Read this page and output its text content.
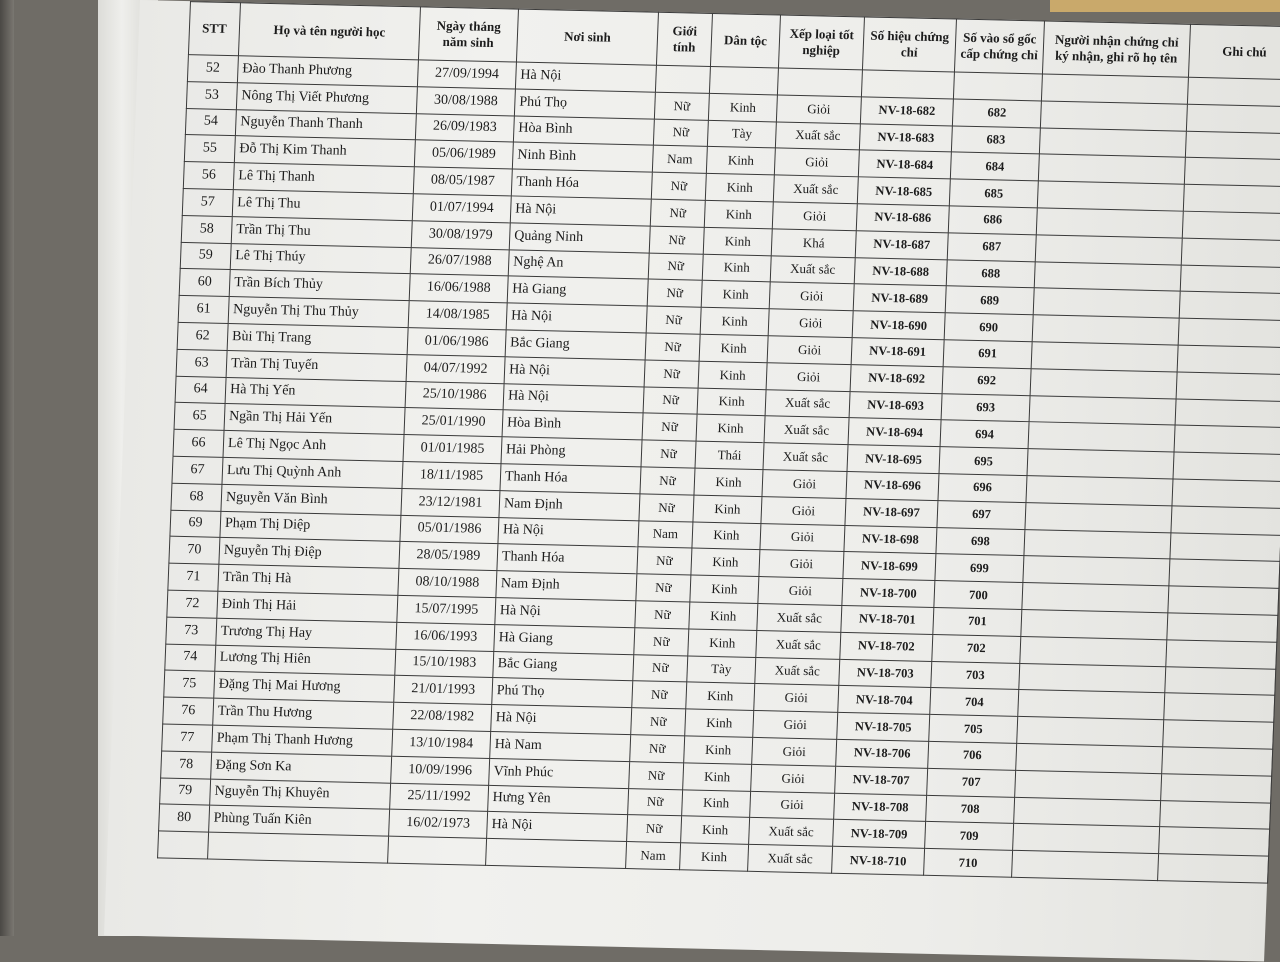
STT	Họ và tên người học	Ngày tháng năm sinh	Nơi sinh	Giới tính	Dân tộc	Xếp loại tốt nghiệp	Số hiệu chứng chỉ	Số vào sổ gốc cấp chứng chỉ	Người nhận chứng chỉ ký nhận, ghi rõ họ tên	Ghi chú
52	Đào Thanh Phương	27/09/1994	Hà Nội							
53	Nông Thị Viết Phương	30/08/1988	Phú Thọ	Nữ	Kinh	Giỏi	NV-18-682	682		
54	Nguyễn Thanh Thanh	26/09/1983	Hòa Bình	Nữ	Tày	Xuất sắc	NV-18-683	683		
55	Đỗ Thị Kim Thanh	05/06/1989	Ninh Bình	Nam	Kinh	Giỏi	NV-18-684	684		
56	Lê Thị Thanh	08/05/1987	Thanh Hóa	Nữ	Kinh	Xuất sắc	NV-18-685	685		
57	Lê Thị Thu	01/07/1994	Hà Nội	Nữ	Kinh	Giỏi	NV-18-686	686		
58	Trần Thị Thu	30/08/1979	Quảng Ninh	Nữ	Kinh	Khá	NV-18-687	687		
59	Lê Thị Thúy	26/07/1988	Nghệ An	Nữ	Kinh	Xuất sắc	NV-18-688	688		
60	Trần Bích Thủy	16/06/1988	Hà Giang	Nữ	Kinh	Giỏi	NV-18-689	689		
61	Nguyễn Thị Thu Thủy	14/08/1985	Hà Nội	Nữ	Kinh	Giỏi	NV-18-690	690		
62	Bùi Thị Trang	01/06/1986	Bắc Giang	Nữ	Kinh	Giỏi	NV-18-691	691		
63	Trần Thị Tuyến	04/07/1992	Hà Nội	Nữ	Kinh	Giỏi	NV-18-692	692		
64	Hà Thị Yến	25/10/1986	Hà Nội	Nữ	Kinh	Xuất sắc	NV-18-693	693		
65	Ngần Thị Hải Yến	25/01/1990	Hòa Bình	Nữ	Kinh	Xuất sắc	NV-18-694	694		
66	Lê Thị Ngọc Anh	01/01/1985	Hải Phòng	Nữ	Thái	Xuất sắc	NV-18-695	695		
67	Lưu Thị Quỳnh Anh	18/11/1985	Thanh Hóa	Nữ	Kinh	Giỏi	NV-18-696	696		
68	Nguyễn Văn Bình	23/12/1981	Nam Định	Nữ	Kinh	Giỏi	NV-18-697	697		
69	Phạm Thị Diệp	05/01/1986	Hà Nội	Nam	Kinh	Giỏi	NV-18-698	698		
70	Nguyễn Thị Điệp	28/05/1989	Thanh Hóa	Nữ	Kinh	Giỏi	NV-18-699	699		
71	Trần Thị Hà	08/10/1988	Nam Định	Nữ	Kinh	Giỏi	NV-18-700	700		
72	Đinh Thị Hải	15/07/1995	Hà Nội	Nữ	Kinh	Xuất sắc	NV-18-701	701		
73	Trương Thị Hay	16/06/1993	Hà Giang	Nữ	Kinh	Xuất sắc	NV-18-702	702		
74	Lương Thị Hiên	15/10/1983	Bắc Giang	Nữ	Tày	Xuất sắc	NV-18-703	703		
75	Đặng Thị Mai Hương	21/01/1993	Phú Thọ	Nữ	Kinh	Giỏi	NV-18-704	704		
76	Trần Thu Hương	22/08/1982	Hà Nội	Nữ	Kinh	Giỏi	NV-18-705	705		
77	Phạm Thị Thanh Hương	13/10/1984	Hà Nam	Nữ	Kinh	Giỏi	NV-18-706	706		
78	Đặng Sơn Ka	10/09/1996	Vĩnh Phúc	Nữ	Kinh	Giỏi	NV-18-707	707		
79	Nguyễn Thị Khuyên	25/11/1992	Hưng Yên	Nữ	Kinh	Giỏi	NV-18-708	708		
80	Phùng Tuấn Kiên	16/02/1973	Hà Nội	Nữ	Kinh	Xuất sắc	NV-18-709	709		
				Nam	Kinh	Xuất sắc	NV-18-710	710		
